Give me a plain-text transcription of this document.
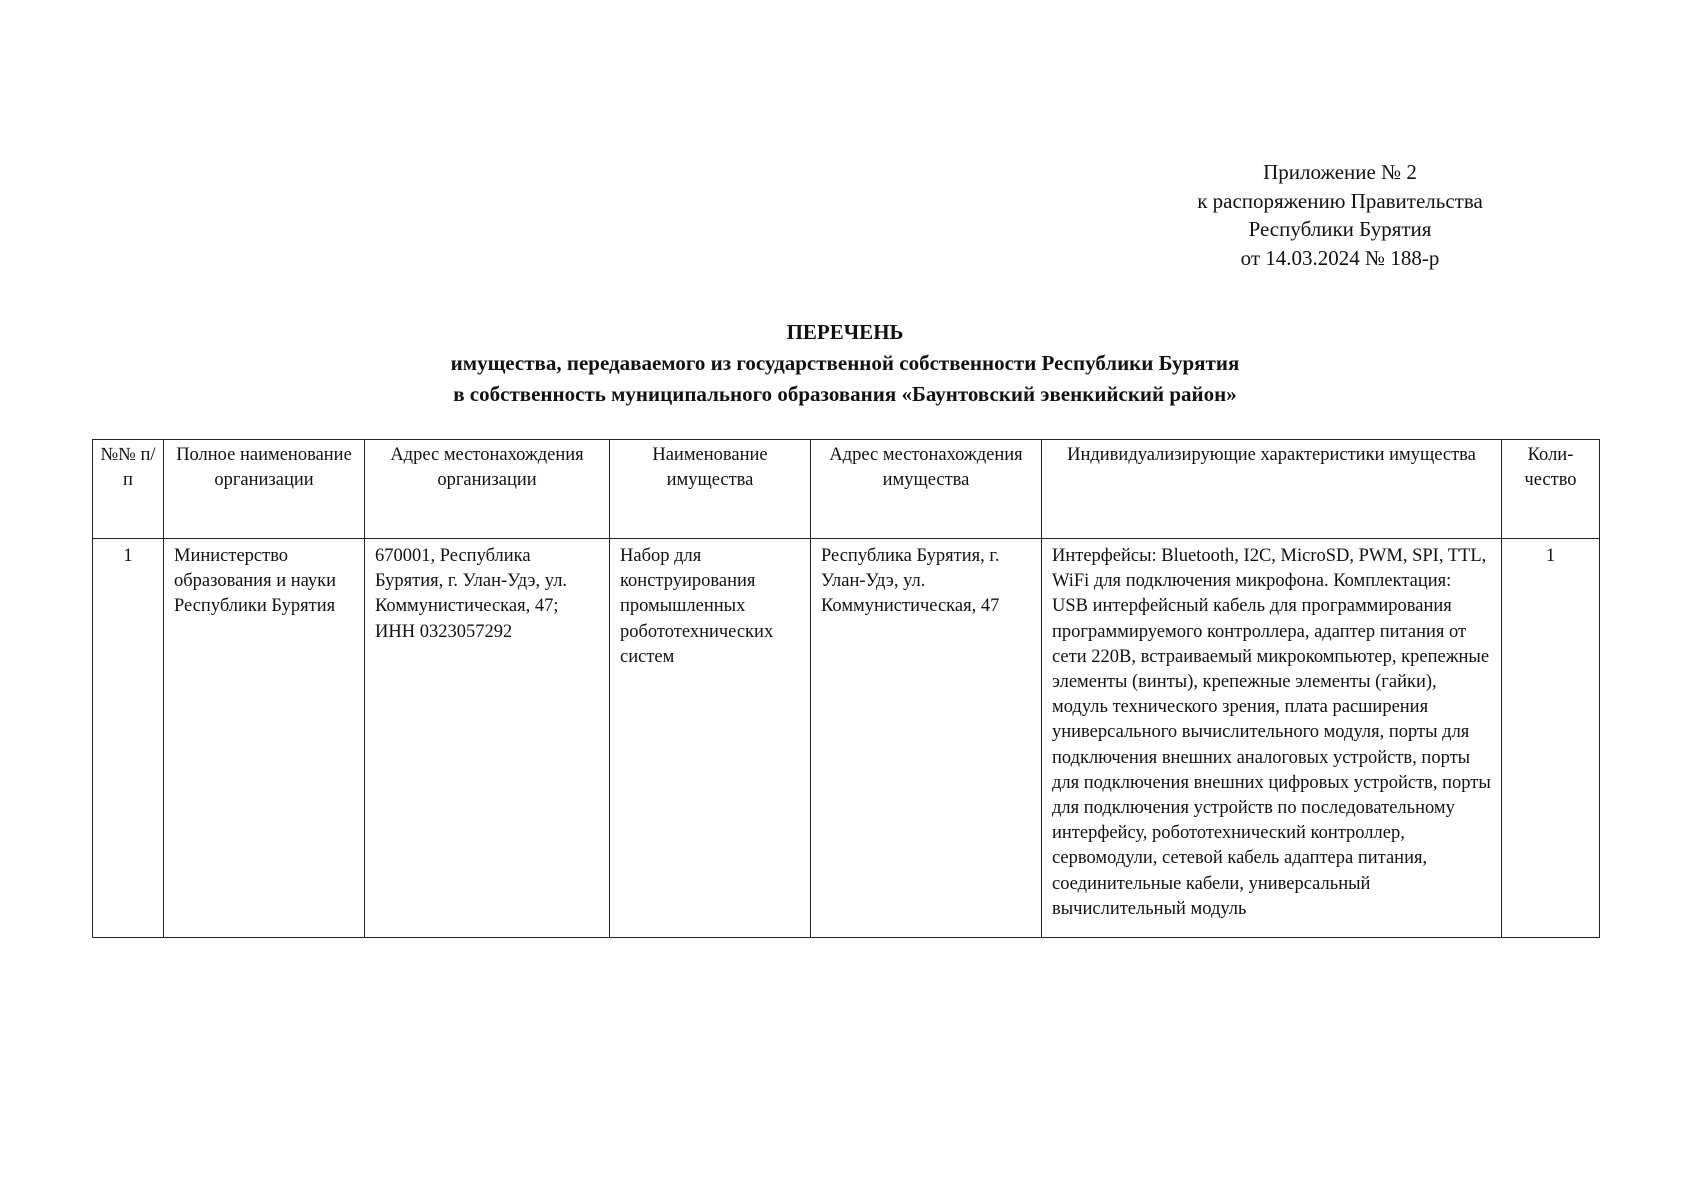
Приложение № 2
к распоряжению Правительства
Республики Бурятия
от 14.03.2024 № 188-р
ПЕРЕЧЕНЬ
имущества, передаваемого из государственной собственности Республики Бурятия
в собственность муниципального образования «Баунтовский эвенкийский район»
№№ п/п	Полное наименование организации	Адрес местонахождения организации	Наименование имущества	Адрес местонахождения имущества	Индивидуализирующие характеристики имущества	Коли-чество
1	Министерство образования и науки Республики Бурятия	670001, Республика Бурятия, г. Улан-Удэ, ул. Коммунистическая, 47; ИНН 0323057292	Набор для конструирования промышленных робототехнических систем	Республика Бурятия, г. Улан-Удэ, ул. Коммунистическая, 47	Интерфейсы: Bluetooth, I2C, MicroSD, PWM, SPI, TTL, WiFi для подключения микрофона. Комплектация: USB интерфейсный кабель для программирования программируемого контроллера, адаптер питания от сети 220В, встраиваемый микрокомпьютер, крепежные элементы (винты), крепежные элементы (гайки), модуль технического зрения, плата расширения универсального вычислительного модуля, порты для подключения внешних аналоговых устройств, порты для подключения внешних цифровых устройств, порты для подключения устройств по последовательному интерфейсу, робототехнический контроллер, сервомодули, сетевой кабель адаптера питания, соединительные кабели, универсальный вычислительный модуль	1
